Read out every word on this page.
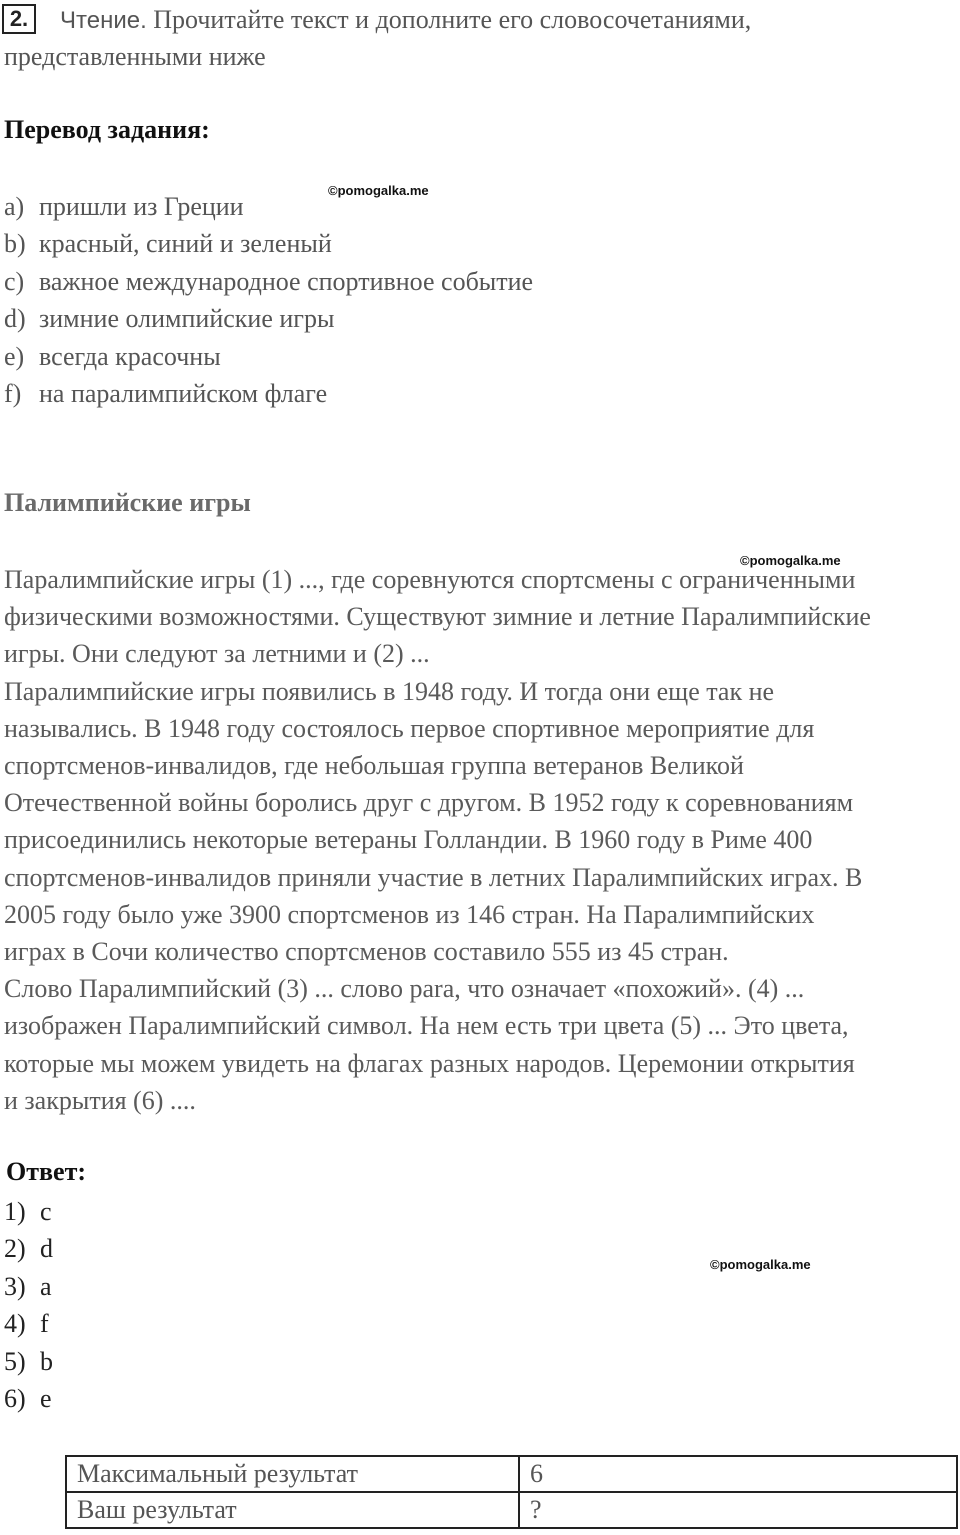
2.	Чтение. Прочитайте текст и дополните его словосочетаниями,
представленными ниже
Перевод задания:
©pomogalka.me
a) пришли из Греции
b) красный, синий и зеленый
c) важное международное спортивное событие
d) зимние олимпийские игры
e) всегда красочны
f) на паралимпийском флаге
Палимпийские игры
©pomogalka.me
Паралимпийские игры (1) ..., где соревнуются спортсмены с ограниченными
физическими возможностями. Существуют зимние и летние Паралимпийские
игры. Они следуют за летними и (2) ...
Паралимпийские игры появились в 1948 году. И тогда они еще так не
назывались. В 1948 году состоялось первое спортивное мероприятие для
спортсменов-инвалидов, где небольшая группа ветеранов Великой
Отечественной войны боролись друг с другом. В 1952 году к соревнованиям
присоединились некоторые ветераны Голландии. В 1960 году в Риме 400
спортсменов-инвалидов приняли участие в летних Паралимпийских играх. В
2005 году было уже 3900 спортсменов из 146 стран. На Паралимпийских
играх в Сочи количество спортсменов составило 555 из 45 стран.
Слово Паралимпийский (3) ... слово para, что означает «похожий». (4) ...
изображен Паралимпийский символ. На нем есть три цвета (5) ... Это цвета,
которые мы можем увидеть на флагах разных народов. Церемонии открытия
и закрытия (6) ....
Ответ:
1) c
2) d
3) a
4) f
5) b
6) e
©pomogalka.me
Максимальный результат	6
Ваш результат	?
